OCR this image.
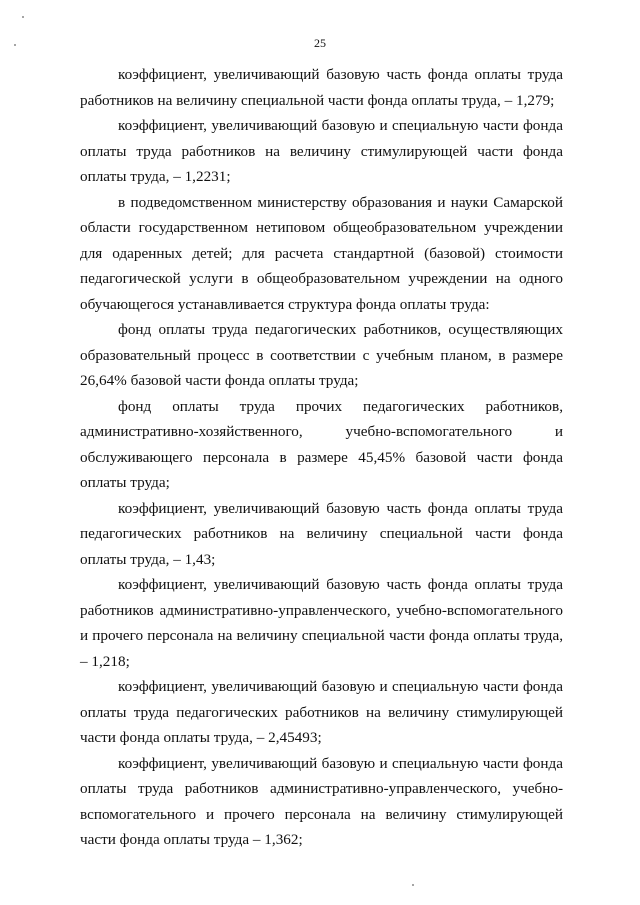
25

коэффициент, увеличивающий базовую часть фонда оплаты труда работников на величину специальной части фонда оплаты труда, – 1,279;

коэффициент, увеличивающий базовую и специальную части фонда оплаты труда работников на величину стимулирующей части фонда оплаты труда, – 1,2231;

в подведомственном министерству образования и науки Самарской области государственном нетиповом общеобразовательном учреждении для одаренных детей; для расчета стандартной (базовой) стоимости педагогической услуги в общеобразовательном учреждении на одного обучающегося устанавливается структура фонда оплаты труда:

фонд оплаты труда педагогических работников, осуществляющих образовательный процесс в соответствии с учебным планом, в размере 26,64% базовой части фонда оплаты труда;

фонд оплаты труда прочих педагогических работников, административно-хозяйственного, учебно-вспомогательного и обслуживающего персонала в размере 45,45% базовой части фонда оплаты труда;

коэффициент, увеличивающий базовую часть фонда оплаты труда педагогических работников на величину специальной части фонда оплаты труда, – 1,43;

коэффициент, увеличивающий базовую часть фонда оплаты труда работников административно-управленческого, учебно-вспомогательного и прочего персонала на величину специальной части фонда оплаты труда, – 1,218;

коэффициент, увеличивающий базовую и специальную части фонда оплаты труда педагогических работников на величину стимулирующей части фонда оплаты труда, – 2,45493;

коэффициент, увеличивающий базовую и специальную части фонда оплаты труда работников административно-управленческого, учебно-вспомогательного и прочего персонала на величину стимулирующей части фонда оплаты труда – 1,362;
